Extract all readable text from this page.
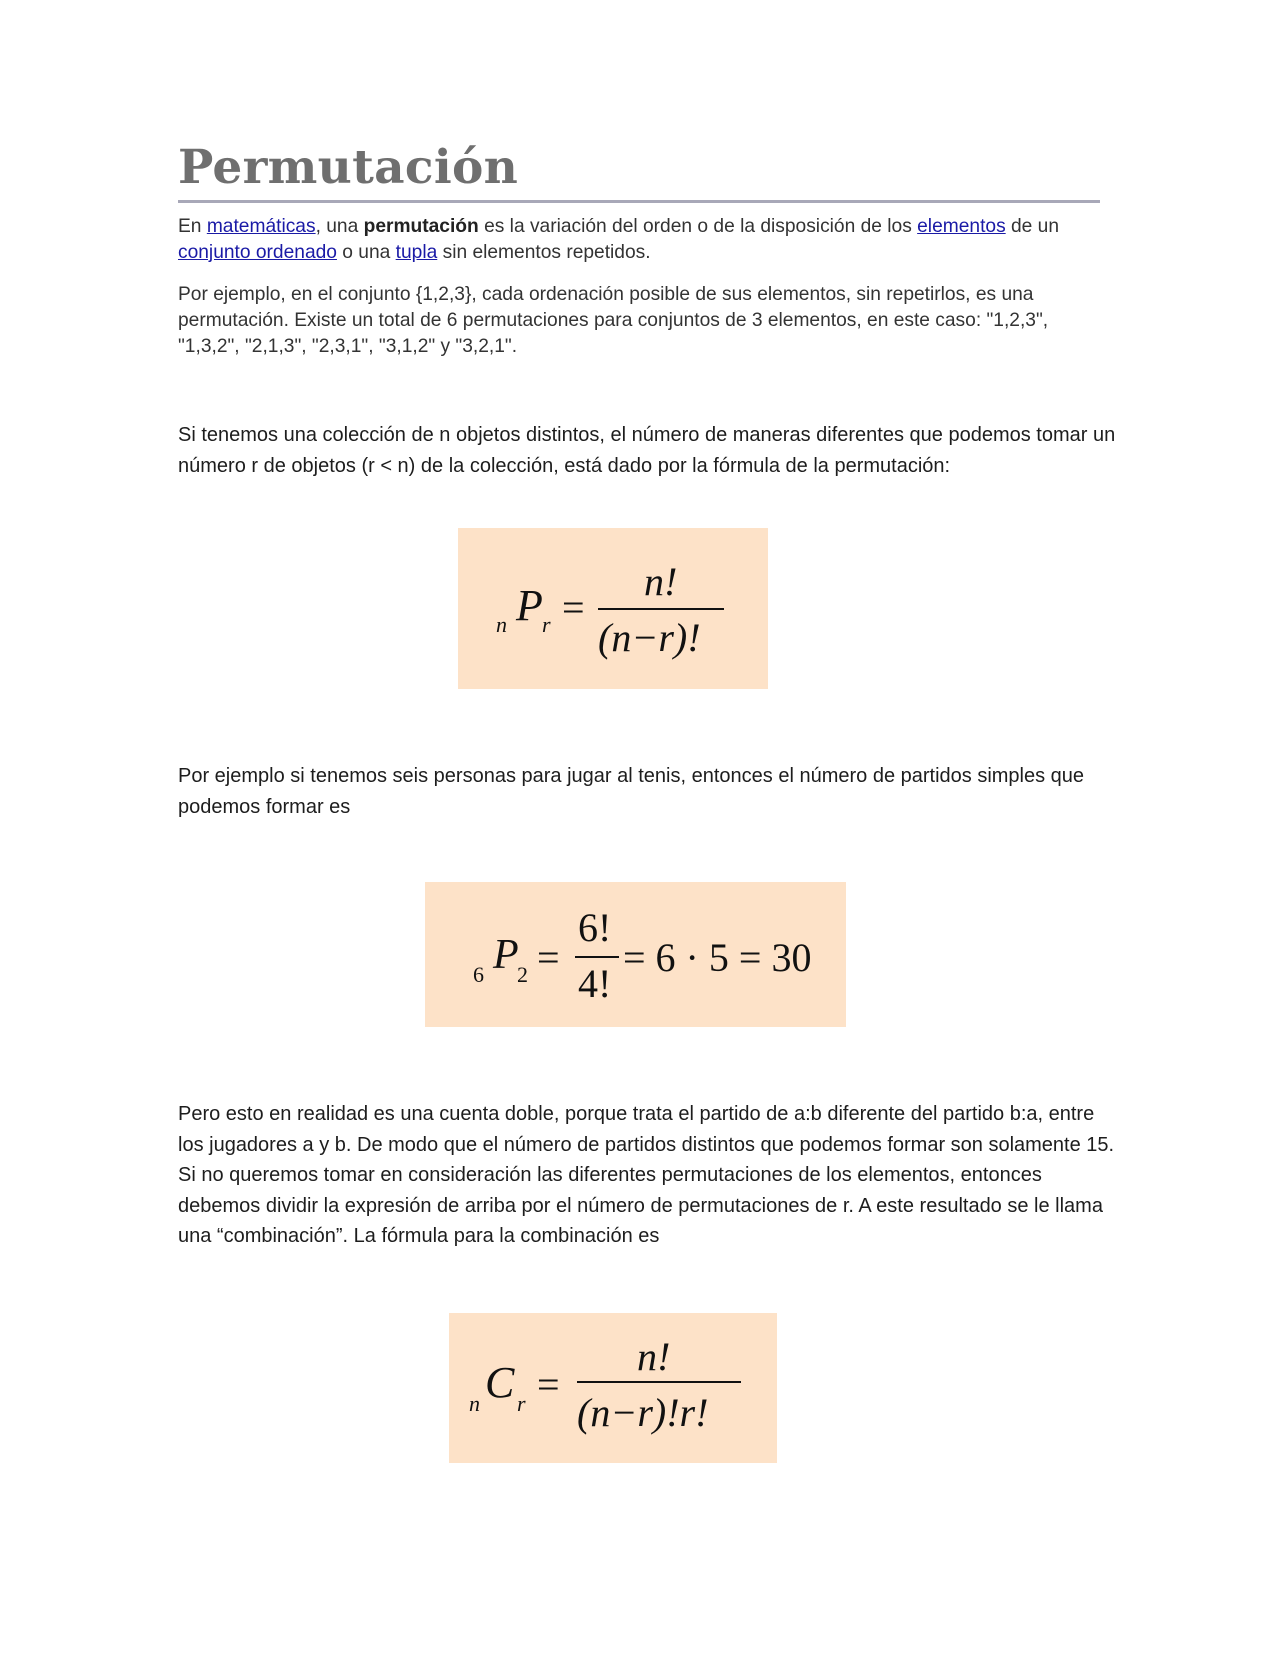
Permutación

En matemáticas, una permutación es la variación del orden o de la disposición de los elementos de un conjunto ordenado o una tupla sin elementos repetidos.

Por ejemplo, en el conjunto {1,2,3}, cada ordenación posible de sus elementos, sin repetirlos, es una permutación. Existe un total de 6 permutaciones para conjuntos de 3 elementos, en este caso: "1,2,3", "1,3,2", "2,1,3", "2,3,1", "3,1,2" y "3,2,1".

Si tenemos una colección de n objetos distintos, el número de maneras diferentes que podemos tomar un número r de objetos (r < n) de la colección, está dado por la fórmula de la permutación:

n P r =
n!
(n−r)!

Por ejemplo si tenemos seis personas para jugar al tenis, entonces el número de partidos simples que podemos formar es

6 P
2 =
6!
4!
= 6 · 5 = 30

Pero esto en realidad es una cuenta doble, porque trata el partido de a:b diferente del partido b:a, entre los jugadores a y b. De modo que el número de partidos distintos que podemos formar son solamente 15. Si no queremos tomar en consideración las diferentes permutaciones de los elementos, entonces debemos dividir la expresión de arriba por el número de permutaciones de r. A este resultado se le llama una “combinación”. La fórmula para la combinación es

n C r =
n!
(n−r)!r!
